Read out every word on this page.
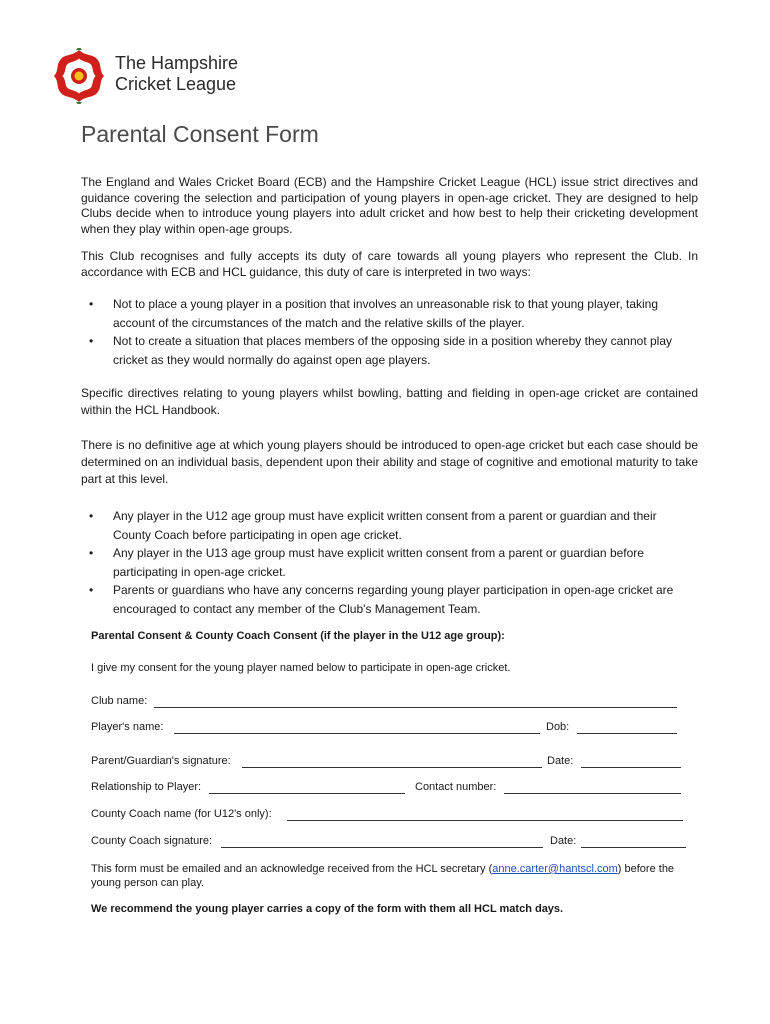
The Hampshire
Cricket League
Parental Consent Form

The England and Wales Cricket Board (ECB) and the Hampshire Cricket League (HCL) issue strict directives and guidance covering the selection and participation of young players in open-age cricket. They are designed to help Clubs decide when to introduce young players into adult cricket and how best to help their cricketing development when they play within open-age groups.

This Club recognises and fully accepts its duty of care towards all young players who represent the Club. In accordance with ECB and HCL guidance, this duty of care is interpreted in two ways:

• Not to place a young player in a position that involves an unreasonable risk to that young player, taking account of the circumstances of the match and the relative skills of the player.
• Not to create a situation that places members of the opposing side in a position whereby they cannot play cricket as they would normally do against open age players.

Specific directives relating to young players whilst bowling, batting and fielding in open-age cricket are contained within the HCL Handbook.

There is no definitive age at which young players should be introduced to open-age cricket but each case should be determined on an individual basis, dependent upon their ability and stage of cognitive and emotional maturity to take part at this level.

• Any player in the U12 age group must have explicit written consent from a parent or guardian and their County Coach before participating in open age cricket.
• Any player in the U13 age group must have explicit written consent from a parent or guardian before participating in open-age cricket.
• Parents or guardians who have any concerns regarding young player participation in open-age cricket are encouraged to contact any member of the Club's Management Team.

Parental Consent & County Coach Consent (if the player in the U12 age group):

I give my consent for the young player named below to participate in open-age cricket.

Club name:
Player's name:	Dob:
Parent/Guardian's signature:	Date:
Relationship to Player:	Contact number:
County Coach name (for U12's only):
County Coach signature:	Date:

This form must be emailed and an acknowledge received from the HCL secretary (anne.carter@hantscl.com) before the young person can play.

We recommend the young player carries a copy of the form with them all HCL match days.
